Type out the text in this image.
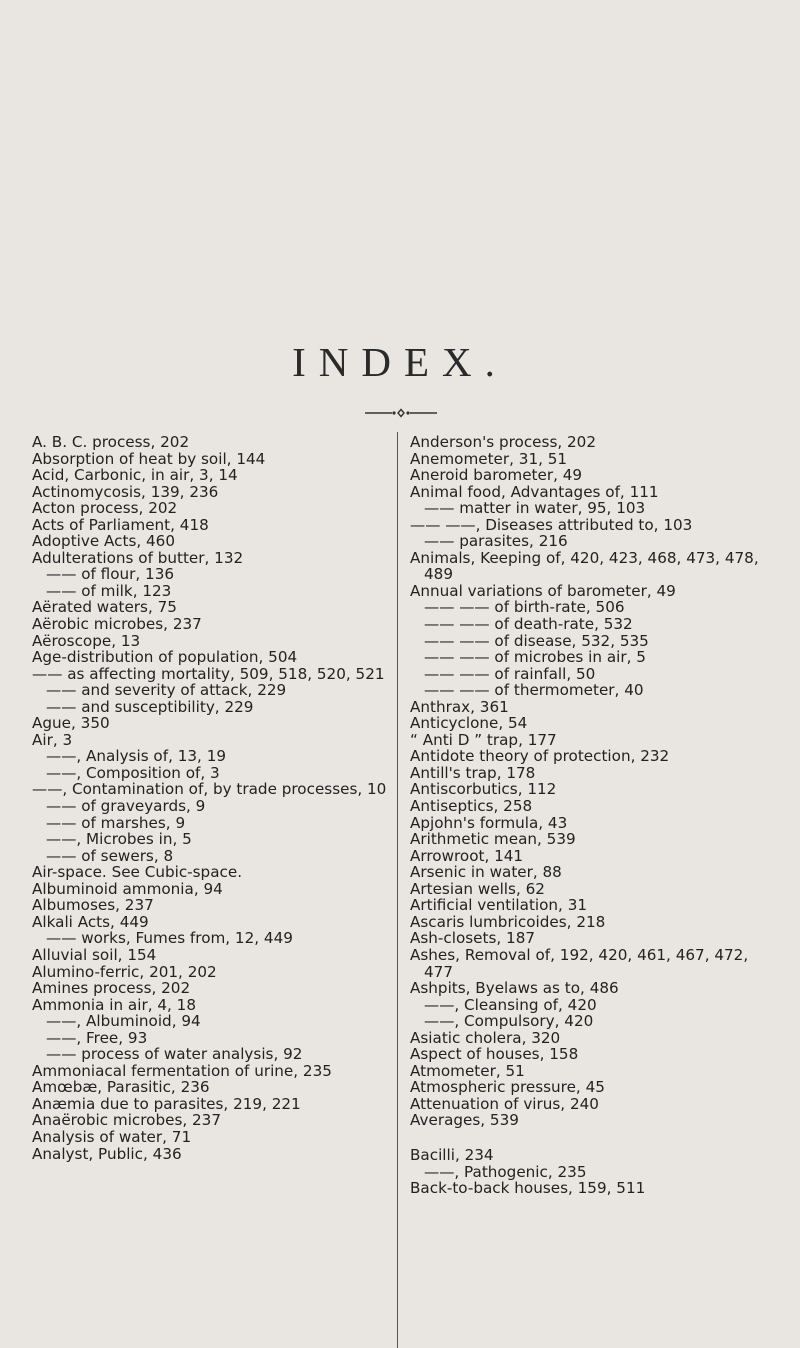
INDEX.
A. B. C. process, 202
Absorption of heat by soil, 144
Acid, Carbonic, in air, 3, 14
Actinomycosis, 139, 236
Acton process, 202
Acts of Parliament, 418
Adoptive Acts, 460
Adulterations of butter, 132
—— of flour, 136
—— of milk, 123
Aërated waters, 75
Aërobic microbes, 237
Aëroscope, 13
Age-distribution of population, 504
—— as affecting mortality, 509, 518, 520, 521
—— and severity of attack, 229
—— and susceptibility, 229
Ague, 350
Air, 3
——, Analysis of, 13, 19
——, Composition of, 3
——, Contamination of, by trade processes, 10
—— of graveyards, 9
—— of marshes, 9
——, Microbes in, 5
—— of sewers, 8
Air-space. See Cubic-space.
Albuminoid ammonia, 94
Albumoses, 237
Alkali Acts, 449
—— works, Fumes from, 12, 449
Alluvial soil, 154
Alumino-ferric, 201, 202
Amines process, 202
Ammonia in air, 4, 18
——, Albuminoid, 94
——, Free, 93
—— process of water analysis, 92
Ammoniacal fermentation of urine, 235
Amœbæ, Parasitic, 236
Anæmia due to parasites, 219, 221
Anaërobic microbes, 237
Analysis of water, 71
Analyst, Public, 436
Anderson's process, 202
Anemometer, 31, 51
Aneroid barometer, 49
Animal food, Advantages of, 111
—— matter in water, 95, 103
—— ——, Diseases attributed to, 103
—— parasites, 216
Animals, Keeping of, 420, 423, 468, 473, 478, 489
Annual variations of barometer, 49
—— —— of birth-rate, 506
—— —— of death-rate, 532
—— —— of disease, 532, 535
—— —— of microbes in air, 5
—— —— of rainfall, 50
—— —— of thermometer, 40
Anthrax, 361
Anticyclone, 54
“ Anti D ” trap, 177
Antidote theory of protection, 232
Antill's trap, 178
Antiscorbutics, 112
Antiseptics, 258
Apjohn's formula, 43
Arithmetic mean, 539
Arrowroot, 141
Arsenic in water, 88
Artesian wells, 62
Artificial ventilation, 31
Ascaris lumbricoides, 218
Ash-closets, 187
Ashes, Removal of, 192, 420, 461, 467, 472, 477
Ashpits, Byelaws as to, 486
——, Cleansing of, 420
——, Compulsory, 420
Asiatic cholera, 320
Aspect of houses, 158
Atmometer, 51
Atmospheric pressure, 45
Attenuation of virus, 240
Averages, 539
Bacilli, 234
——, Pathogenic, 235
Back-to-back houses, 159, 511
